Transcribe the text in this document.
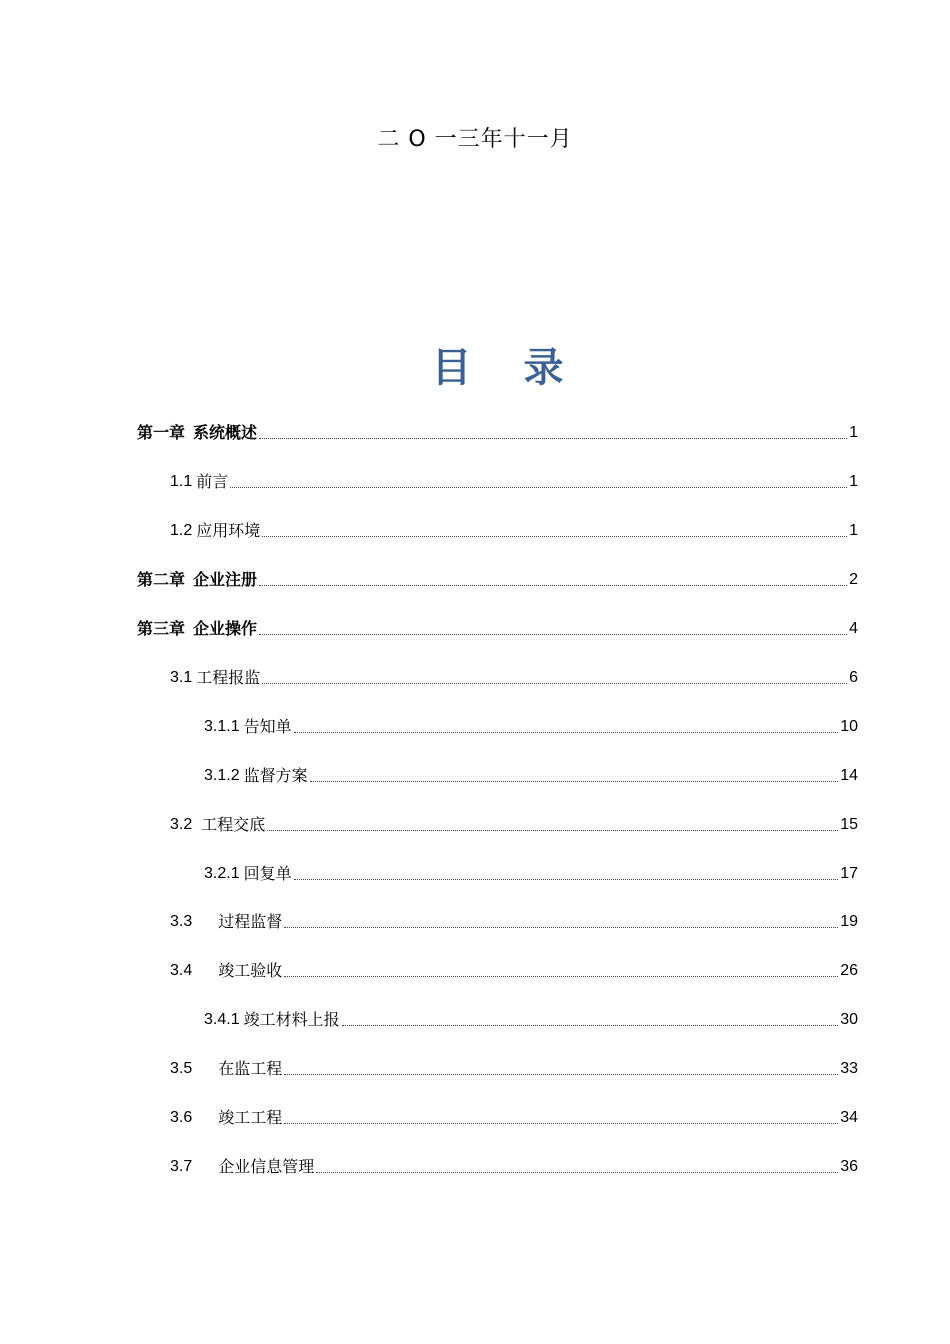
二 O 一三年十一月
目 录
第一章 系统概述	1
1.1 前言	1
1.2 应用环境	1
第二章 企业注册	2
第三章 企业操作	4
3.1 工程报监	6
3.1.1 告知单	10
3.1.2 监督方案	14
3.2 工程交底	15
3.2.1 回复单	17
3.3 过程监督	19
3.4 竣工验收	26
3.4.1 竣工材料上报	30
3.5 在监工程	33
3.6 竣工工程	34
3.7 企业信息管理	36
